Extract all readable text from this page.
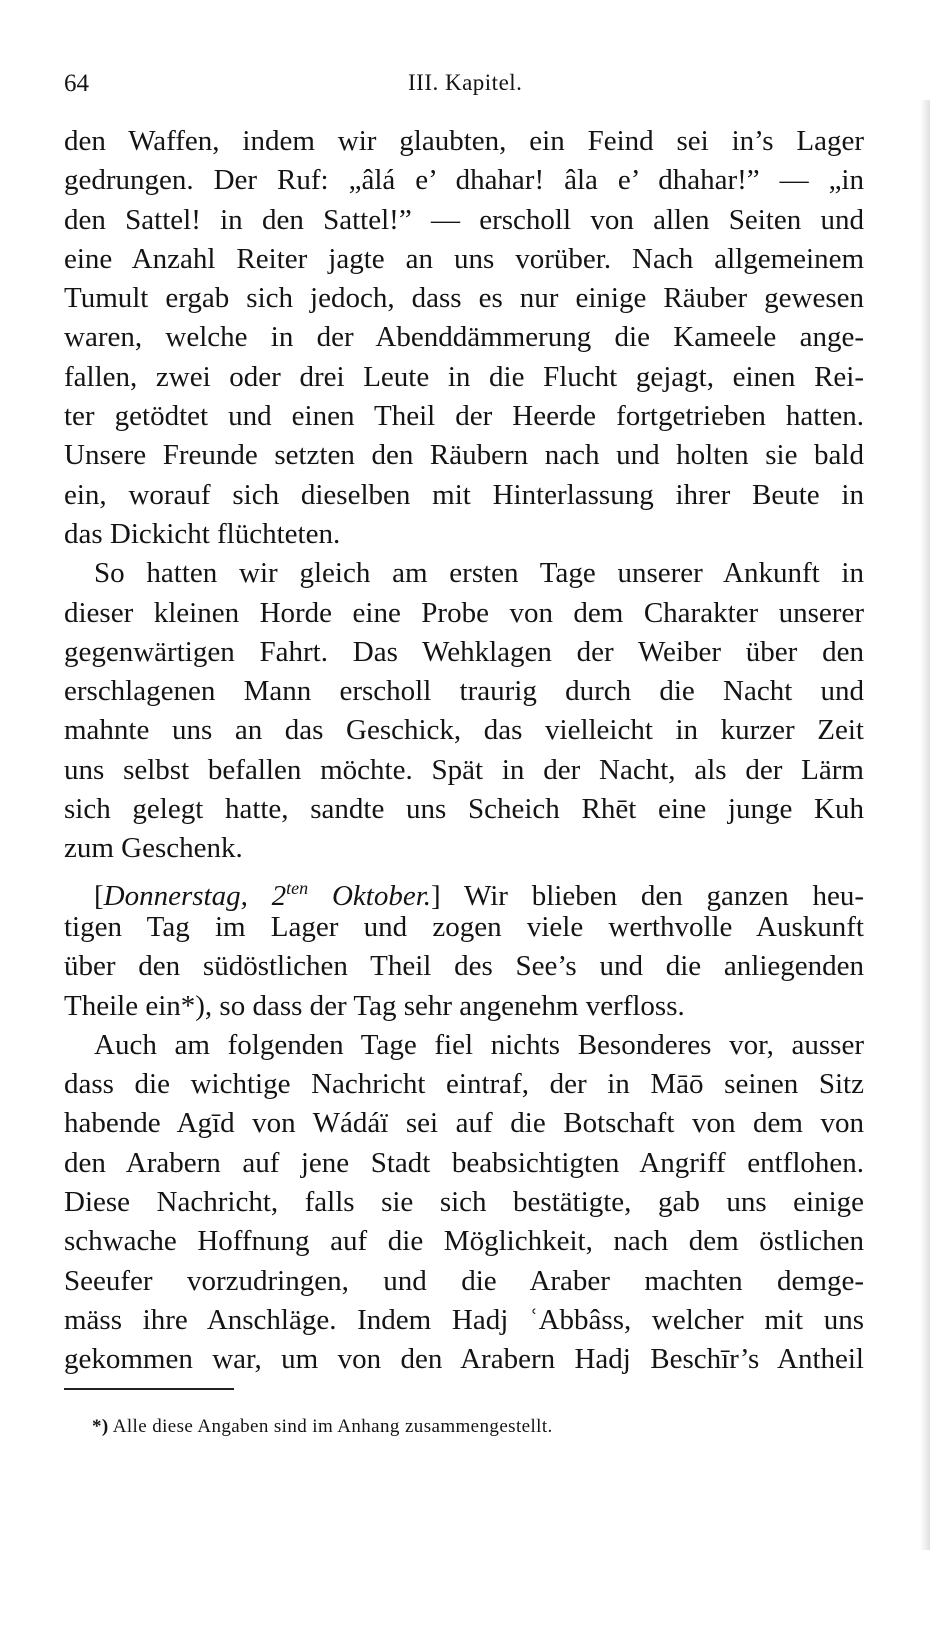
64	III. Kapitel.
den Waffen, indem wir glaubten, ein Feind sei in’s Lager
gedrungen. Der Ruf: „âlá e’ dhahar! âla e’ dhahar!” — „in
den Sattel! in den Sattel!” — erscholl von allen Seiten und
eine Anzahl Reiter jagte an uns vorüber. Nach allgemeinem
Tumult ergab sich jedoch, dass es nur einige Räuber gewesen
waren, welche in der Abenddämmerung die Kameele ange-
fallen, zwei oder drei Leute in die Flucht gejagt, einen Rei-
ter getödtet und einen Theil der Heerde fortgetrieben hatten.
Unsere Freunde setzten den Räubern nach und holten sie bald
ein, worauf sich dieselben mit Hinterlassung ihrer Beute in
das Dickicht flüchteten.
So hatten wir gleich am ersten Tage unserer Ankunft in
dieser kleinen Horde eine Probe von dem Charakter unserer
gegenwärtigen Fahrt. Das Wehklagen der Weiber über den
erschlagenen Mann erscholl traurig durch die Nacht und
mahnte uns an das Geschick, das vielleicht in kurzer Zeit
uns selbst befallen möchte. Spät in der Nacht, als der Lärm
sich gelegt hatte, sandte uns Scheich Rhēt eine junge Kuh
zum Geschenk.
[Donnerstag, $2^{ten}$ Oktober.] Wir blieben den ganzen heu-
tigen Tag im Lager und zogen viele werthvolle Auskunft
über den südöstlichen Theil des See’s und die anliegenden
Theile ein*), so dass der Tag sehr angenehm verfloss.
Auch am folgenden Tage fiel nichts Besonderes vor, ausser
dass die wichtige Nachricht eintraf, der in Māō seinen Sitz
habende Agīd von Wádáï sei auf die Botschaft von dem von
den Arabern auf jene Stadt beabsichtigten Angriff entflohen.
Diese Nachricht, falls sie sich bestätigte, gab uns einige
schwache Hoffnung auf die Möglichkeit, nach dem östlichen
Seeufer vorzudringen, und die Araber machten demge-
mäss ihre Anschläge. Indem Hadj ʿAbbâss, welcher mit uns
gekommen war, um von den Arabern Hadj Beschīr’s Antheil
*) Alle diese Angaben sind im Anhang zusammengestellt.
